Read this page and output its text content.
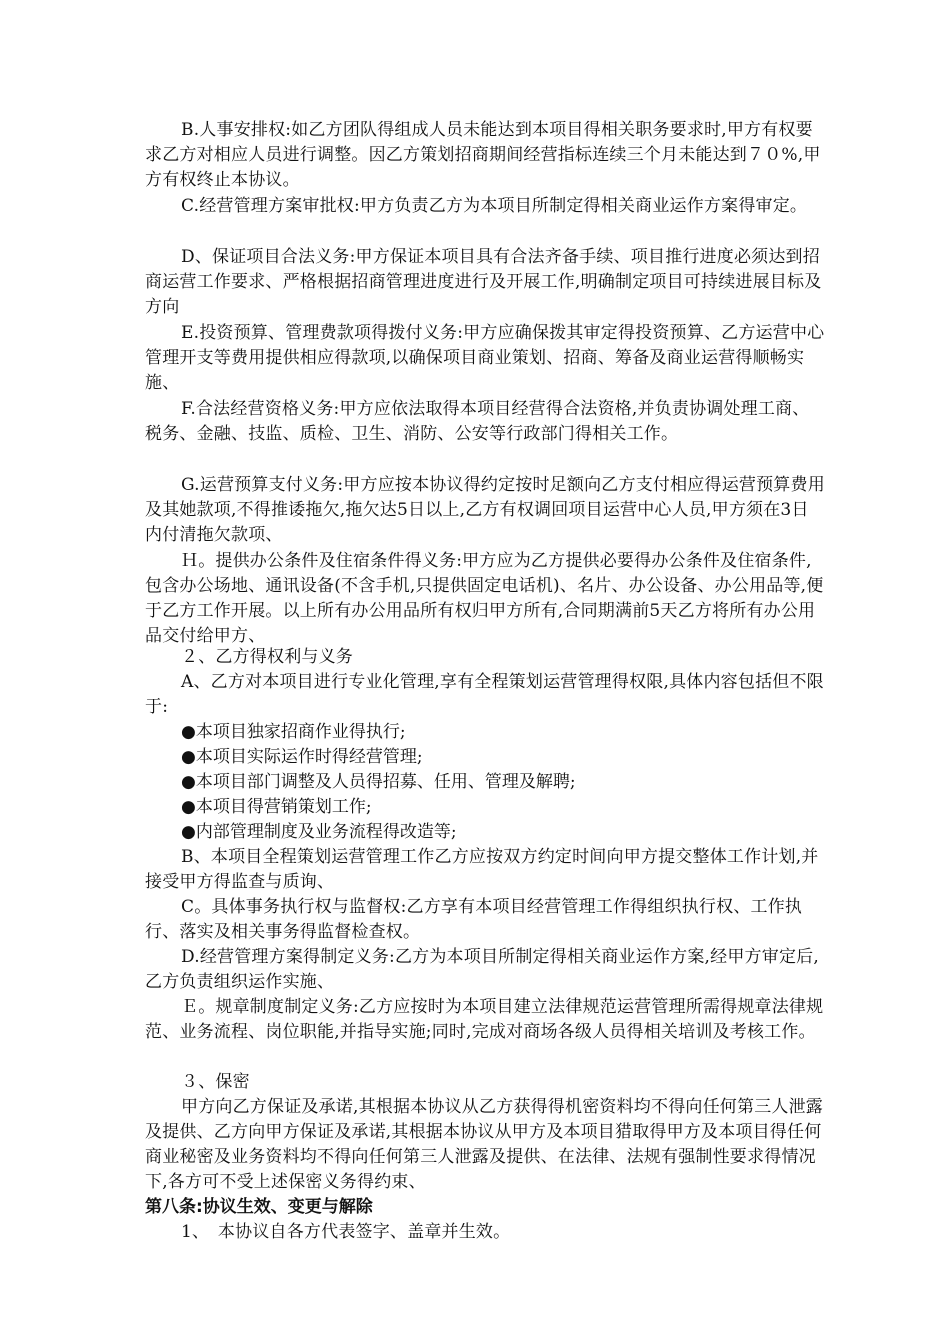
B.人事安排权:如乙方团队得组成人员未能达到本项目得相关职务要求时,甲方有权要求乙方对相应人员进行调整。因乙方策划招商期间经营指标连续三个月未能达到７０%,甲方有权终止本协议。

C.经营管理方案审批权:甲方负责乙方为本项目所制定得相关商业运作方案得审定。

D、保证项目合法义务:甲方保证本项目具有合法齐备手续、项目推行进度必须达到招商运营工作要求、严格根据招商管理进度进行及开展工作,明确制定项目可持续进展目标及方向

E.投资预算、管理费款项得拨付义务:甲方应确保拨其审定得投资预算、乙方运营中心管理开支等费用提供相应得款项,以确保项目商业策划、招商、筹备及商业运营得顺畅实施、

F.合法经营资格义务:甲方应依法取得本项目经营得合法资格,并负责协调处理工商、税务、金融、技监、质检、卫生、消防、公安等行政部门得相关工作。

G.运营预算支付义务:甲方应按本协议得约定按时足额向乙方支付相应得运营预算费用及其她款项,不得推诿拖欠,拖欠达5日以上,乙方有权调回项目运营中心人员,甲方须在3日内付清拖欠款项、

Ｈ。提供办公条件及住宿条件得义务:甲方应为乙方提供必要得办公条件及住宿条件,包含办公场地、通讯设备(不含手机,只提供固定电话机)、名片、办公设备、办公用品等,便于乙方工作开展。以上所有办公用品所有权归甲方所有,合同期满前5天乙方将所有办公用品交付给甲方、

２、乙方得权利与义务

A、乙方对本项目进行专业化管理,享有全程策划运营管理得权限,具体内容包括但不限于:

●本项目独家招商作业得执行;

●本项目实际运作时得经营管理;

●本项目部门调整及人员得招募、任用、管理及解聘;

●本项目得营销策划工作;

●内部管理制度及业务流程得改造等;

B、本项目全程策划运营管理工作乙方应按双方约定时间向甲方提交整体工作计划,并接受甲方得监查与质询、

C。具体事务执行权与监督权:乙方享有本项目经营管理工作得组织执行权、工作执行、落实及相关事务得监督检查权。

D.经营管理方案得制定义务:乙方为本项目所制定得相关商业运作方案,经甲方审定后,乙方负责组织运作实施、

Ｅ。规章制度制定义务:乙方应按时为本项目建立法律规范运营管理所需得规章法律规范、业务流程、岗位职能,并指导实施;同时,完成对商场各级人员得相关培训及考核工作。

３、保密

甲方向乙方保证及承诺,其根据本协议从乙方获得得机密资料均不得向任何第三人泄露及提供、乙方向甲方保证及承诺,其根据本协议从甲方及本项目猎取得甲方及本项目得任何商业秘密及业务资料均不得向任何第三人泄露及提供、在法律、法规有强制性要求得情况下,各方可不受上述保密义务得约束、

第八条:协议生效、变更与解除

1、　本协议自各方代表签字、盖章并生效。
